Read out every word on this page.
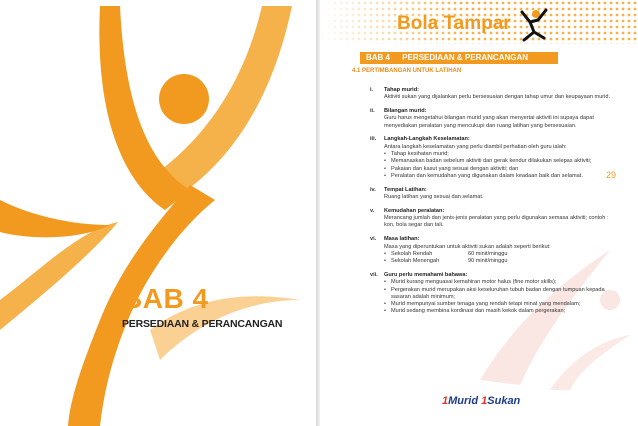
BAB 4
PERSEDIAAN & PERANCANGAN
Bola Tampar
BAB 4 PERSEDIAAN & PERANCANGAN
4.1 PERTIMBANGAN UNTUK LATIHAN
29
i. Tahap murid:

Aktiviti sukan yang dijalankan perlu bersesuaian dengan tahap umur dan keupayaan murid.

ii. Bilangan murid:

Guru harus mengetahui bilangan murid yang akan menyertai aktiviti ini supaya dapat menyediakan peralatan yang mencukupi dan ruang latihan yang bersesuaian.

iii. Langkah-Langkah Keselamatan:

Antara langkah keselamatan yang perlu diambil perhatian oleh guru ialah:

• Tahap kesihatan murid;
• Memanaskan badan sebelum aktiviti dan gerak kendur dilakukan selepas aktiviti;
• Pakaian dan kasut yang sesuai dengan aktiviti; dan
• Peralatan dan kemudahan yang digunakan dalam keadaan baik dan selamat.
iv. Tempat Latihan:

Ruang latihan yang sesuai dan selamat.

v. Kemudahan peralatan:

Merancang jumlah dan jenis-jenis peralatan yang perlu digunakan semasa aktiviti; contoh : kon, bola segar dan tali.

vi. Masa latihan:

Masa yang diperuntukan untuk aktiviti sukan adalah seperti berikut:

• Sekolah Rendah	60 minit/minggu
• Sekolah Menengah	90 minit/minggu
vii. Guru perlu memahami bahawa:
• Murid kurang menguasai kemahiran motor halus (fine motor skills);
• Pergerakan murid merupakan aksi keseluruhan tubuh badan dengan tumpuan kepada sasaran adalah minimum;
• Murid mempunyai sumber tenaga yang rendah tetapi minat yang mendalam;
• Murid sedang membina kordinasi dan masih kekok dalam pergerakan;
1Murid 1Sukan
